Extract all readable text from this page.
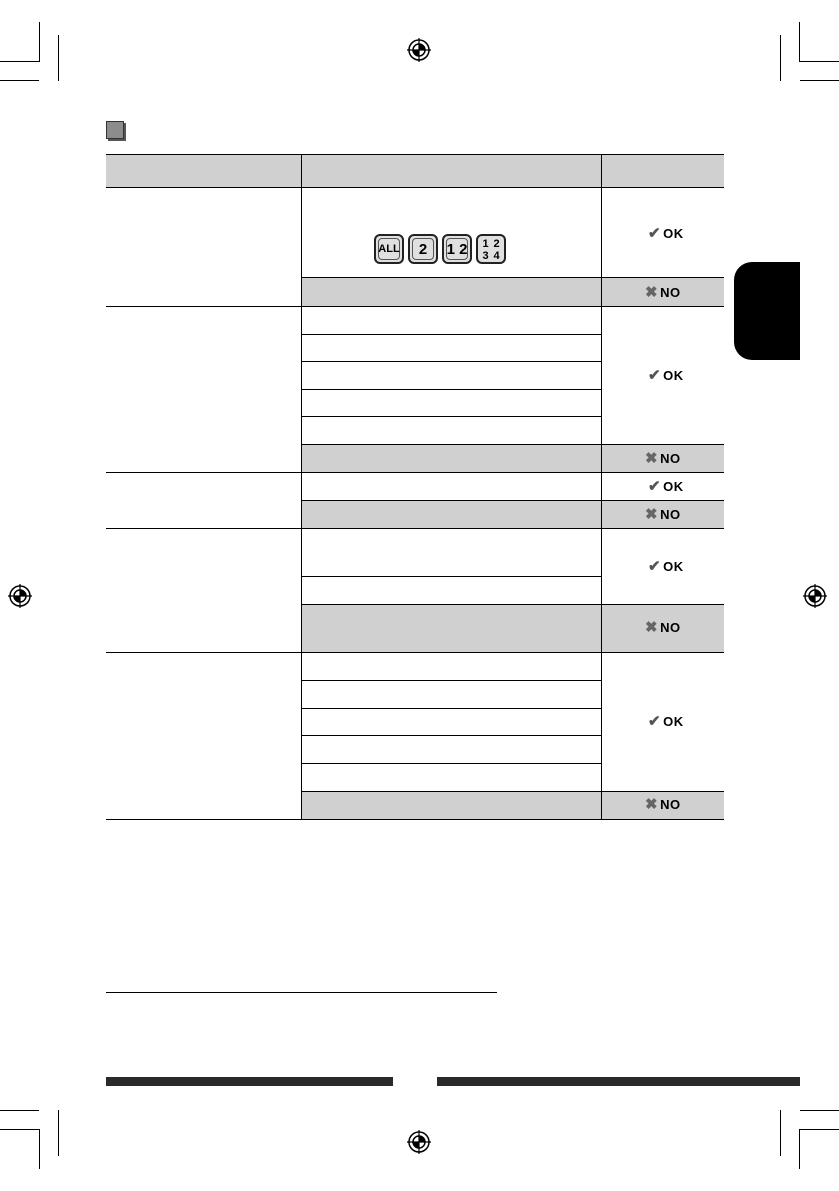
ALL 2 1
2 1 2
3 4
✔ OK
✖ NO
✔ OK
✖ NO
✔ OK
✖ NO
✔ OK
✖ NO
✔ OK
✖ NO
